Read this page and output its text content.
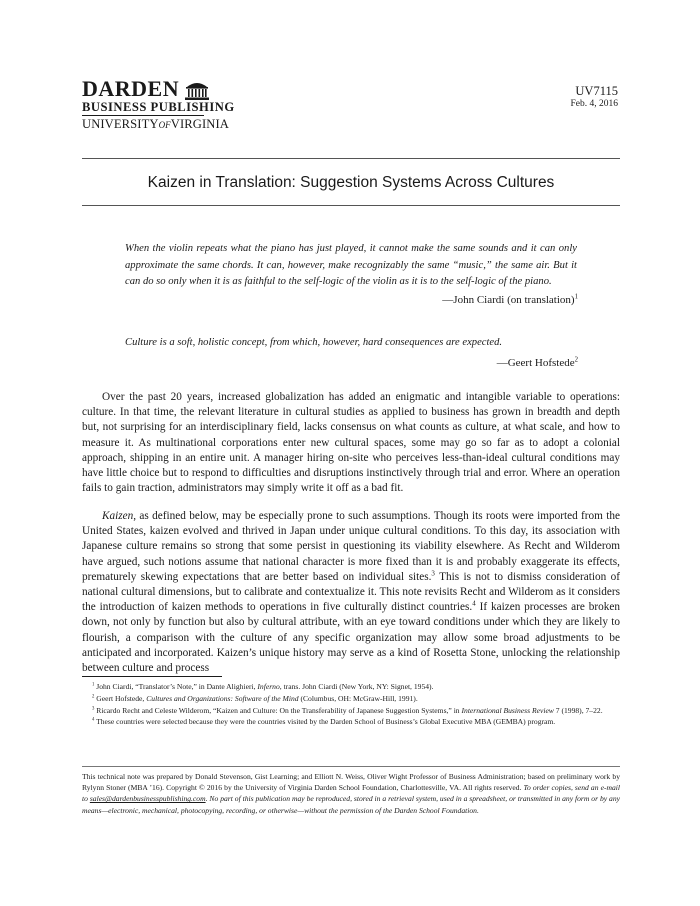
DARDEN
BUSINESS PUBLISHING
UNIVERSITYofVIRGINIA
UV7115
Feb. 4, 2016
Kaizen in Translation: Suggestion Systems Across Cultures
When the violin repeats what the piano has just played, it cannot make the same sounds and it can only approximate the same chords. It can, however, make recognizably the same “music,” the same air. But it can do so only when it is as faithful to the self-logic of the violin as it is to the self-logic of the piano.
—John Ciardi (on translation)$^1$
Culture is a soft, holistic concept, from which, however, hard consequences are expected.
—Geert Hofstede$^2$

Over the past 20 years, increased globalization has added an enigmatic and intangible variable to operations: culture. In that time, the relevant literature in cultural studies as applied to business has grown in breadth and depth but, not surprising for an interdisciplinary field, lacks consensus on what counts as culture, at what scale, and how to measure it. As multinational corporations enter new cultural spaces, some may go so far as to adopt a colonial approach, shipping in an entire unit. A manager hiring on-site who perceives less-than-ideal cultural conditions may have little choice but to respond to difficulties and disruptions instinctively through trial and error. Where an operation fails to gain traction, administrators may simply write it off as a bad fit.

Kaizen, as defined below, may be especially prone to such assumptions. Though its roots were imported from the United States, kaizen evolved and thrived in Japan under unique cultural conditions. To this day, its association with Japanese culture remains so strong that some persist in questioning its viability elsewhere. As Recht and Wilderom have argued, such notions assume that national character is more fixed than it is and probably exaggerate its effects, prematurely skewing expectations that are better based on individual sites.$^3$ This is not to dismiss consideration of national cultural dimensions, but to calibrate and contextualize it. This note revisits Recht and Wilderom as it considers the introduction of kaizen methods to operations in five culturally distinct countries.$^4$ If kaizen processes are broken down, not only by function but also by cultural attribute, with an eye toward conditions under which they are likely to flourish, a comparison with the culture of any specific organization may allow some broad adjustments to be anticipated and incorporated. Kaizen’s unique history may serve as a kind of Rosetta Stone, unlocking the relationship between culture and process

$^1$ John Ciardi, “Translator’s Note,” in Dante Alighieri, Inferno, trans. John Ciardi (New York, NY: Signet, 1954).

$^2$ Geert Hofstede, Cultures and Organizations: Software of the Mind (Columbus, OH: McGraw-Hill, 1991).

$^3$ Ricardo Recht and Celeste Wilderom, “Kaizen and Culture: On the Transferability of Japanese Suggestion Systems,” in International Business Review 7 (1998), 7–22.

$^4$ These countries were selected because they were the countries visited by the Darden School of Business’s Global Executive MBA (GEMBA) program.

This technical note was prepared by Donald Stevenson, Gist Learning; and Elliott N. Weiss, Oliver Wight Professor of Business Administration; based on preliminary work by Rylynn Stoner (MBA ’16). Copyright © 2016 by the University of Virginia Darden School Foundation, Charlottesville, VA. All rights reserved. To order copies, send an e-mail to sales@dardenbusinesspublishing.com. No part of this publication may be reproduced, stored in a retrieval system, used in a spreadsheet, or transmitted in any form or by any means—electronic, mechanical, photocopying, recording, or otherwise—without the permission of the Darden School Foundation.
